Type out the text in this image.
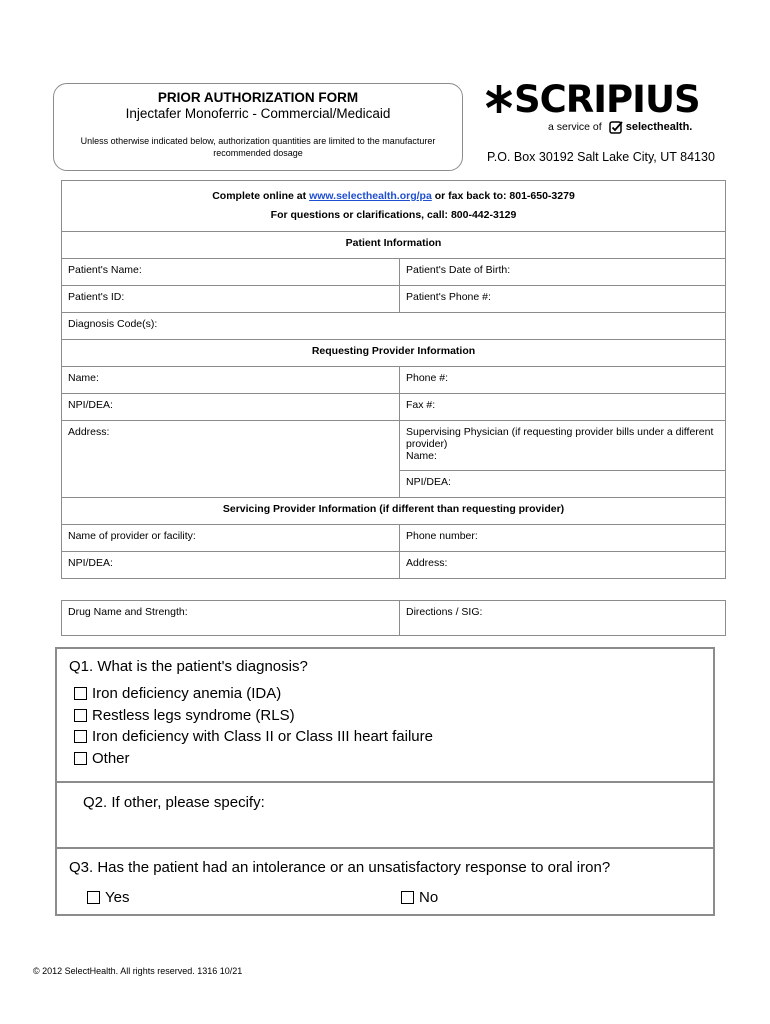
PRIOR AUTHORIZATION FORM
Injectafer Monoferric - Commercial/Medicaid
Unless otherwise indicated below, authorization quantities are limited to the manufacturer recommended dosage
SCRIPIUS
a service of selecthealth.
P.O. Box 30192 Salt Lake City, UT 84130
Complete online at www.selecthealth.org/pa or fax back to: 801-650-3279
For questions or clarifications, call: 800-442-3129	
Patient Information	
Patient's Name:	Patient's Date of Birth:
Patient's ID:	Patient's Phone #:
Diagnosis Code(s):	
Requesting Provider Information	
Name:	Phone #:
NPI/DEA:	Fax #:
Address:	Supervising Physician (if requesting provider bills under a different provider)
Name:
	NPI/DEA:
Servicing Provider Information (if different than requesting provider)	
Name of provider or facility:	Phone number:
NPI/DEA:	Address:
Drug Name and Strength:	Directions / SIG:
Q1. What is the patient's diagnosis?
Iron deficiency anemia (IDA)
Restless legs syndrome (RLS)
Iron deficiency with Class II or Class III heart failure
Other
Q2. If other, please specify:
Q3. Has the patient had an intolerance or an unsatisfactory response to oral iron?
Yes	No
© 2012 SelectHealth. All rights reserved. 1316 10/21
